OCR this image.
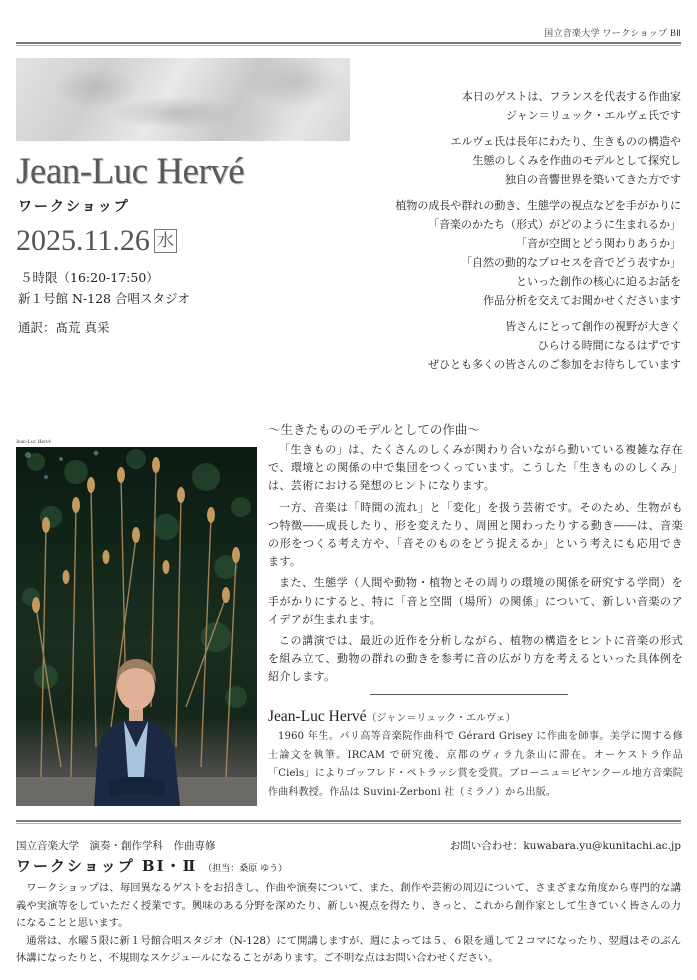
国立音楽大学 ワークショップ BⅡ
Jean-Luc Hervé
ワークショップ
2025.11.26 水
５時限（16:20-17:50）
新１号館 N-128 合唱スタジオ
通訳：髙荒 真采
本日のゲストは、フランスを代表する作曲家
ジャン＝リュック・エルヴェ氏です
エルヴェ氏は長年にわたり、生きものの構造や
生態のしくみを作曲のモデルとして探究し
独自の音響世界を築いてきた方です
植物の成長や群れの動き、生態学の視点などを手がかりに
「音楽のかたち（形式）がどのように生まれるか」
「音が空間とどう関わりあうか」
「自然の動的なプロセスを音でどう表すか」
といった創作の核心に迫るお話を
作品分析を交えてお聞かせくださいます
皆さんにとって創作の視野が大きく
ひらける時間になるはずです
ぜひとも多くの皆さんのご参加をお待ちしています
Jean-Luc Hervé
〜生きたもののモデルとしての作曲〜

「生きもの」は、たくさんのしくみが関わり合いながら動いている複雑な存在で、環境との関係の中で集団をつくっています。こうした「生きもののしくみ」は、芸術における発想のヒントになります。

一方、音楽は「時間の流れ」と「変化」を扱う芸術です。そのため、生物がもつ特徴――成長したり、形を変えたり、周囲と関わったりする動き――は、音楽の形をつくる考え方や、「音そのものをどう捉えるか」という考えにも応用できます。

また、生態学（人間や動物・植物とその周りの環境の関係を研究する学問）を手がかりにすると、特に「音と空間（場所）の関係」について、新しい音楽のアイデアが生まれます。

この講演では、最近の近作を分析しながら、植物の構造をヒントに音楽の形式を組み立て、動物の群れの動きを参考に音の広がり方を考えるといった具体例を紹介します。

Jean-Luc Hervé（ジャン＝リュック・エルヴェ）
1960 年生。パリ高等音楽院作曲科で Gérard Grisey に作曲を師事。美学に関する修士論文を執筆。IRCAM で研究後、京都のヴィラ九条山に滞在。オーケストラ作品「Ciels」によりゴッフレド・ペトラッシ賞を受賞。ブローニュ＝ビヤンクール地方音楽院作曲科教授。作品は Suvini-Zerboni 社（ミラノ）から出版。
国立音楽大学　演奏・創作学科　作曲専修	お問い合わせ：kuwabara.yu@kunitachi.ac.jp
ワークショップ BⅠ・Ⅱ （担当：桑原 ゆう）

ワークショップは、毎回異なるゲストをお招きし、作曲や演奏について、また、創作や芸術の周辺について、さまざまな角度から専門的な講義や実演等をしていただく授業です。興味のある分野を深めたり、新しい視点を得たり、きっと、これから創作家として生きていく皆さんの力になることと思います。

通常は、水曜５限に新１号館合唱スタジオ（N-128）にて開講しますが、週によっては５、６限を通して２コマになったり、翌週はそのぶん休講になったりと、不規則なスケジュールになることがあります。ご不明な点はお問い合わせください。
